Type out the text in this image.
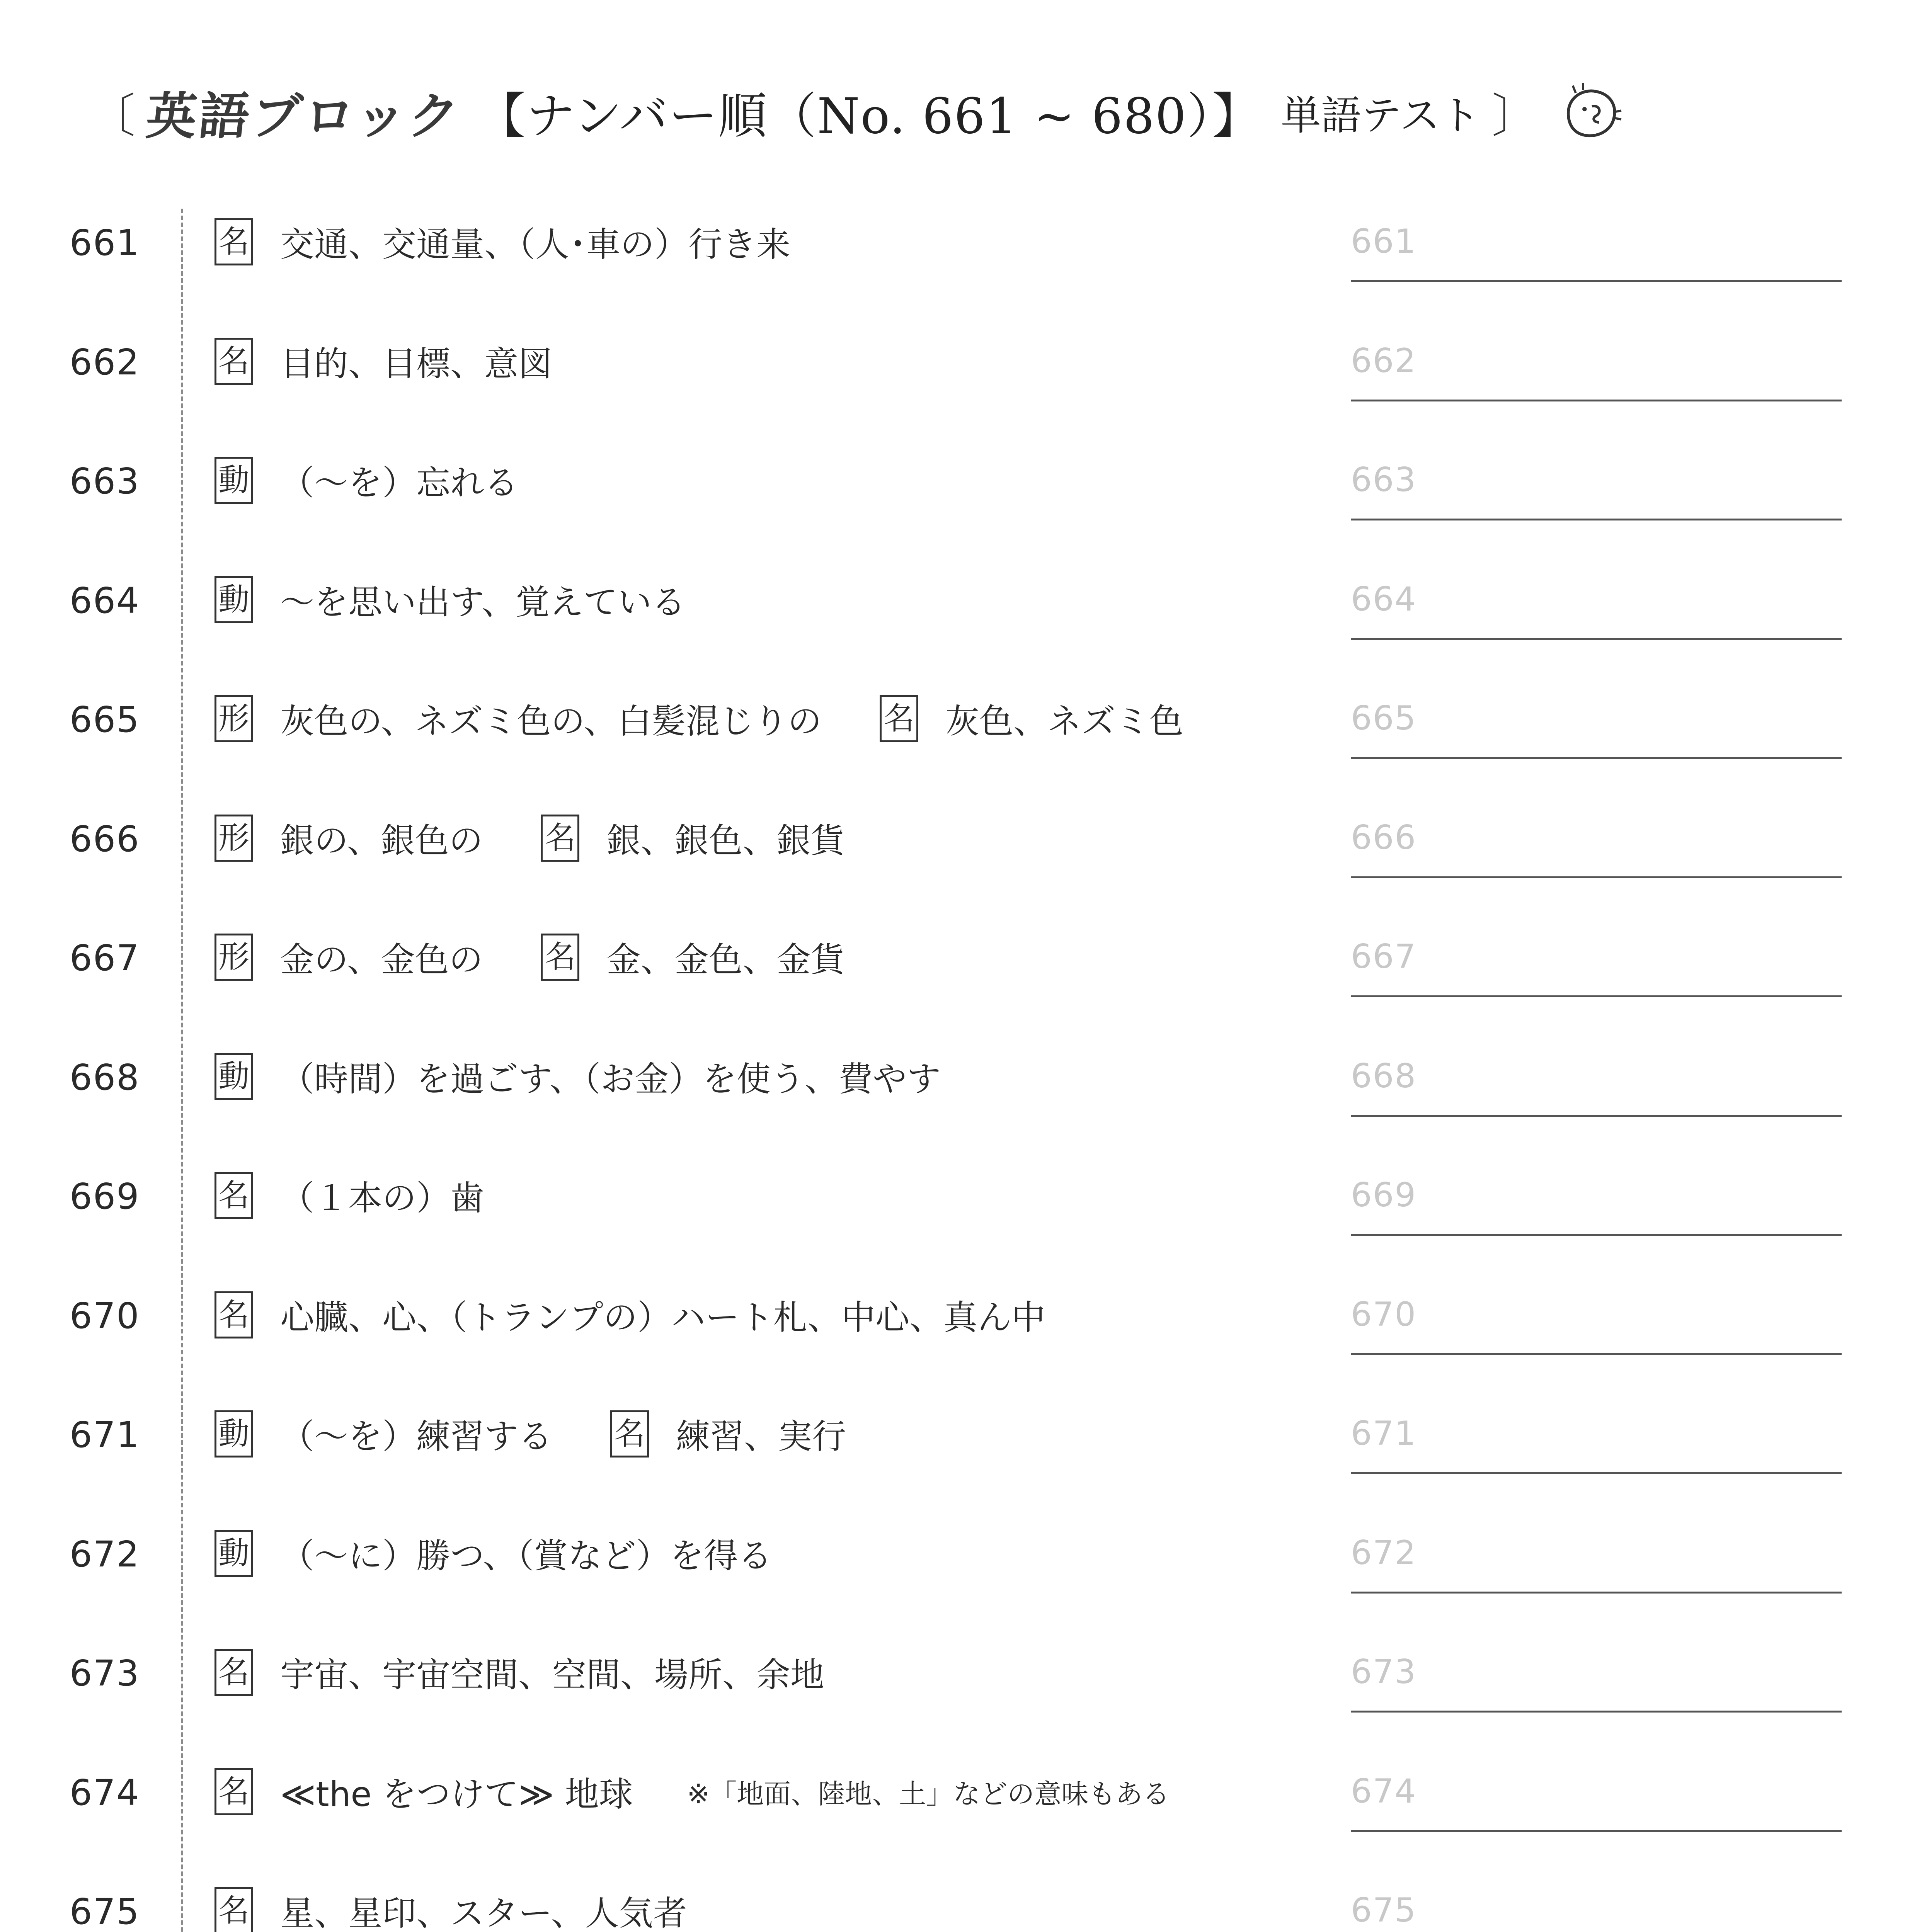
〔 英語ブロック 【ナンバー順（No. 661 ~ 680）】 単語テスト 〕
661	名 交通、交通量、（人･車の）行き来	661
662	名 目的、目標、意図	662
663	動 （～を）忘れる	663
664	動 ～を思い出す、覚えている	664
665	形 灰色の、ネズミ色の、白髪混じりの 名 灰色、ネズミ色	665
666	形 銀の、銀色の 名 銀、銀色、銀貨	666
667	形 金の、金色の 名 金、金色、金貨	667
668	動 （時間）を過ごす、（お金）を使う、費やす	668
669	名 （１本の）歯	669
670	名 心臓、心、（トランプの）ハート札、中心、真ん中	670
671	動 （～を）練習する 名 練習、実行	671
672	動 （～に）勝つ、（賞など）を得る	672
673	名 宇宙、宇宙空間、空間、場所、余地	673
674	名 ≪the をつけて≫ 地球 ※「地面、陸地、土」などの意味もある	674
675	名 星、星印、スター、人気者	675
